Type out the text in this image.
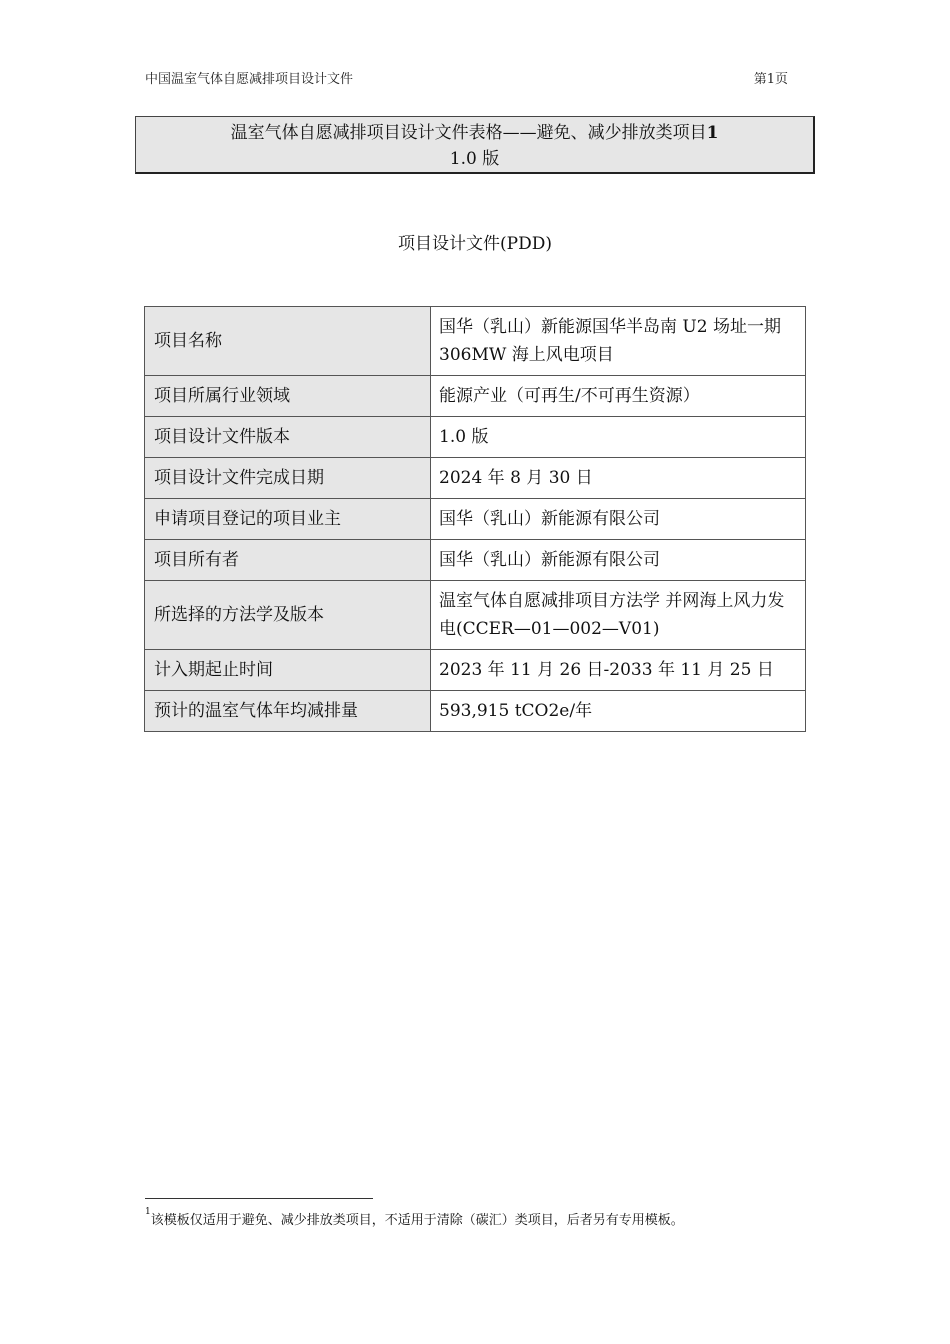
中国温室气体自愿减排项目设计文件	第1页
温室气体自愿减排项目设计文件表格——避免、减少排放类项目1
1.0 版
项目设计文件(PDD)
项目名称	国华（乳山）新能源国华半岛南 U2 场址一期 306MW 海上风电项目
项目所属行业领域	能源产业（可再生/不可再生资源）
项目设计文件版本	1.0 版
项目设计文件完成日期	2024 年 8 月 30 日
申请项目登记的项目业主	国华（乳山）新能源有限公司
项目所有者	国华（乳山）新能源有限公司
所选择的方法学及版本	温室气体自愿减排项目方法学 并网海上风力发电(CCER—01—002—V01)
计入期起止时间	2023 年 11 月 26 日-2033 年 11 月 25 日
预计的温室气体年均减排量	593,915 tCO2e/年
$^1$该模板仅适用于避免、减少排放类项目，不适用于清除（碳汇）类项目，后者另有专用模板。
